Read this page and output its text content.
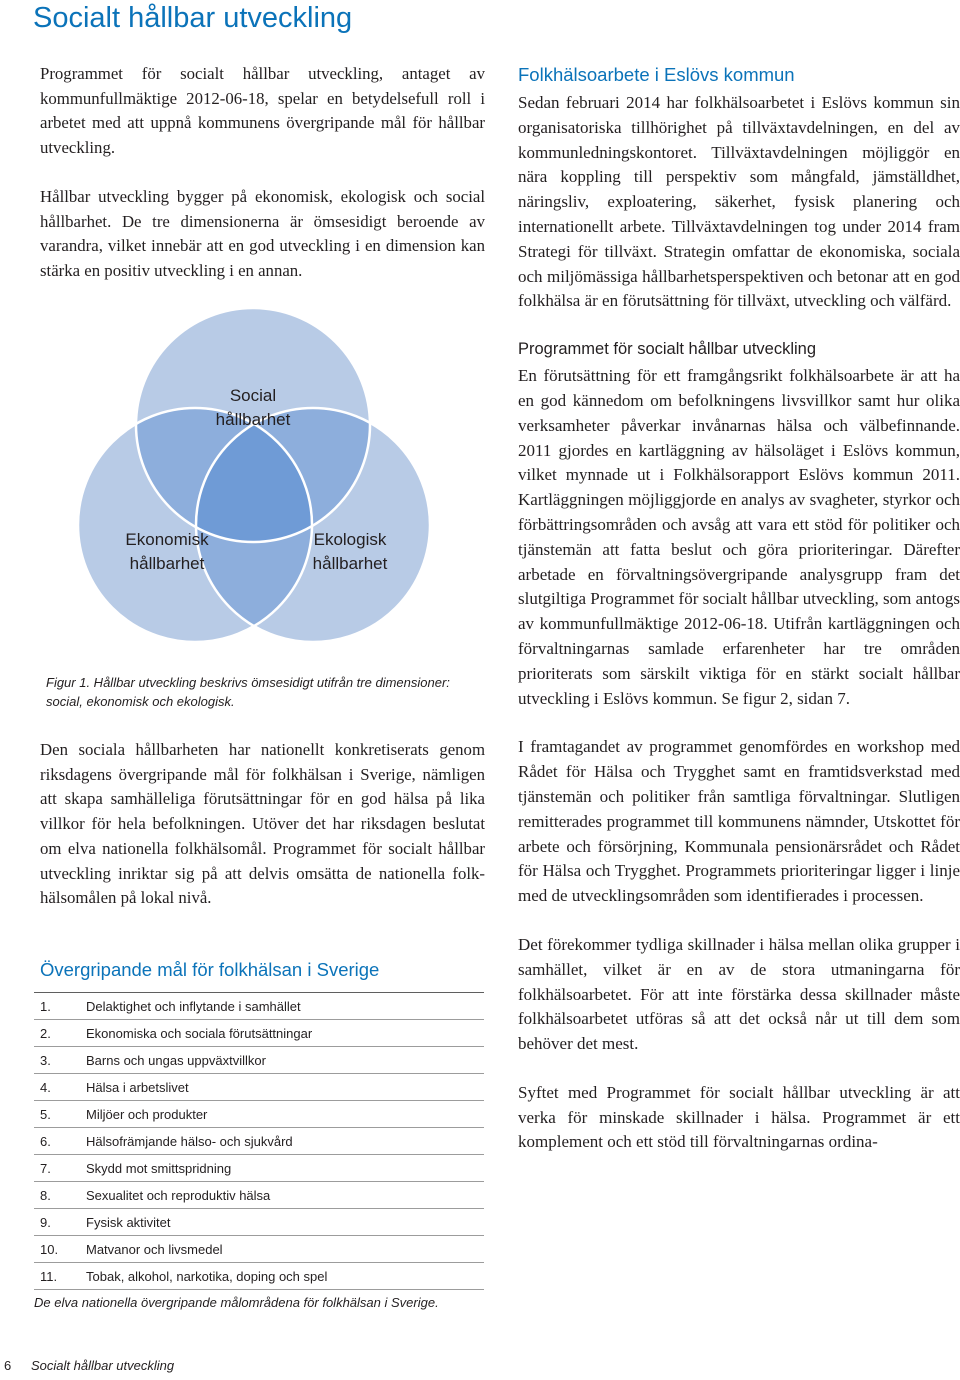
Socialt hållbar utveckling

Programmet för socialt hållbar utveckling, antaget av kommunfullmäktige 2012-06-18, spelar en betydelsefull roll i arbetet med att uppnå kommunens övergripande mål för hållbar utveckling.

Hållbar utveckling bygger på ekonomisk, ekologisk och social hållbarhet. De tre dimensionerna är ömsesidigt beroende av varandra, vilket innebär att en god utveckling i en dimension kan stärka en positiv utveckling i en annan.

Social
hållbarhet
Ekonomisk
hållbarhet
Ekologisk
hållbarhet

Figur 1. Hållbar utveckling beskrivs ömsesidigt utifrån tre dimensioner: social, ekonomisk och ekologisk.

Den sociala hållbarheten har nationellt konkretiserats genom riksdagens övergripande mål för folkhälsan i Sverige, nämligen att skapa samhälleliga förutsättningar för en god hälsa på lika villkor för hela befolkningen. Utöver det har riksdagen beslutat om elva nationella folkhälsomål. Programmet för socialt hållbar utveckling inriktar sig på att delvis omsätta de nationella folkhälsomålen på lokal nivå.

Övergripande mål för folkhälsan i Sverige
1.	Delaktighet och inflytande i samhället
2.	Ekonomiska och sociala förutsättningar
3.	Barns och ungas uppväxtvillkor
4.	Hälsa i arbetslivet
5.	Miljöer och produkter
6.	Hälsofrämjande hälso- och sjukvård
7.	Skydd mot smittspridning
8.	Sexualitet och reproduktiv hälsa
9.	Fysisk aktivitet
10.	Matvanor och livsmedel
11.	Tobak, alkohol, narkotika, doping och spel

De elva nationella övergripande målområdena för folkhälsan i Sverige.

Folkhälsoarbete i Eslövs kommun

Sedan februari 2014 har folkhälsoarbetet i Eslövs kommun sin organisatoriska tillhörighet på tillväxtavdelningen, en del av kommunledningskontoret. Tillväxtavdelningen möjliggör en nära koppling till perspektiv som mångfald, jämställdhet, näringsliv, exploatering, säkerhet, fysisk planering och internationellt arbete. Tillväxtavdelningen tog under 2014 fram Strategi för tillväxt. Strategin omfattar de ekonomiska, sociala och miljömässiga hållbarhetsperspektiven och betonar att en god folkhälsa är en förutsättning för tillväxt, utveckling och välfärd.

Programmet för socialt hållbar utveckling

En förutsättning för ett framgångsrikt folkhälsoarbete är att ha en god kännedom om befolkningens livsvillkor samt hur olika verksamheter påverkar invånarnas hälsa och välbefinnande. 2011 gjordes en kartläggning av hälsoläget i Eslövs kommun, vilket mynnade ut i Folkhälsorapport Eslövs kommun 2011. Kartläggningen möjliggjorde en analys av svagheter, styrkor och förbättringsområden och avsåg att vara ett stöd för politiker och tjänstemän att fatta beslut och göra prioriteringar. Därefter arbetade en förvaltningsövergripande analysgrupp fram det slutgiltiga Programmet för socialt hållbar utveckling, som antogs av kommunfullmäktige 2012-06-18. Utifrån kartläggningen och förvaltningarnas samlade erfarenheter har tre områden prioriterats som särskilt viktiga för en stärkt socialt hållbar utveckling i Eslövs kommun. Se figur 2, sidan 7.

I framtagandet av programmet genomfördes en workshop med Rådet för Hälsa och Trygghet samt en framtidsverkstad med tjänstemän och politiker från samtliga förvaltningar. Slutligen remitterades programmet till kommunens nämnder, Utskottet för arbete och försörjning, Kommunala pensionärsrådet och Rådet för Hälsa och Trygghet. Programmets prioriteringar ligger i linje med de utvecklingsområden som identifierades i processen.

Det förekommer tydliga skillnader i hälsa mellan olika grupper i samhället, vilket är en av de stora utmaningarna för folkhälsoarbetet. För att inte förstärka dessa skillnader måste folkhälsoarbetet utföras så att det också når ut till dem som behöver det mest.

Syftet med Programmet för socialt hållbar utveckling är att verka för minskade skillnader i hälsa. Programmet är ett komplement och ett stöd till förvaltningarnas ordina-

6 Socialt hållbar utveckling
